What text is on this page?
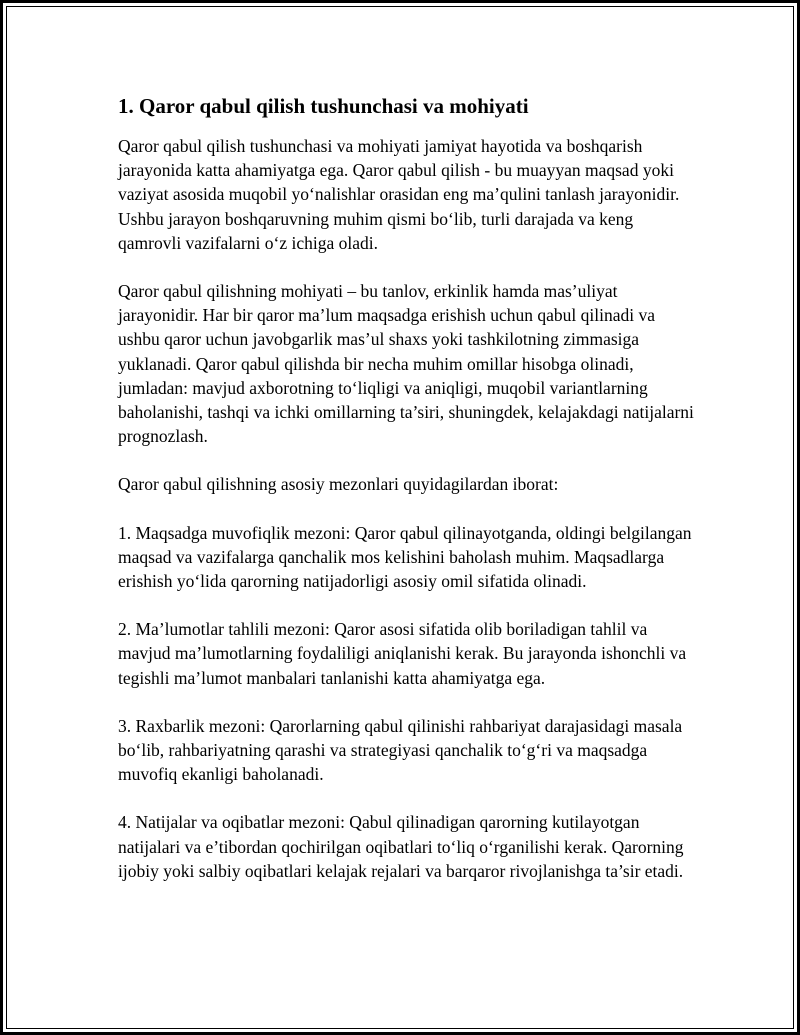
1. Qaror qabul qilish tushunchasi va mohiyati

Qaror qabul qilish tushunchasi va mohiyati jamiyat hayotida va boshqarish jarayonida katta ahamiyatga ega. Qaror qabul qilish - bu muayyan maqsad yoki vaziyat asosida muqobil yo‘nalishlar orasidan eng ma’qulini tanlash jarayonidir. Ushbu jarayon boshqaruvning muhim qismi bo‘lib, turli darajada va keng qamrovli vazifalarni o‘z ichiga oladi.

Qaror qabul qilishning mohiyati – bu tanlov, erkinlik hamda mas’uliyat jarayonidir. Har bir qaror ma’lum maqsadga erishish uchun qabul qilinadi va ushbu qaror uchun javobgarlik mas’ul shaxs yoki tashkilotning zimmasiga yuklanadi. Qaror qabul qilishda bir necha muhim omillar hisobga olinadi, jumladan: mavjud axborotning to‘liqligi va aniqligi, muqobil variantlarning baholanishi, tashqi va ichki omillarning ta’siri, shuningdek, kelajakdagi natijalarni prognozlash.

Qaror qabul qilishning asosiy mezonlari quyidagilardan iborat:

1. Maqsadga muvofiqlik mezoni: Qaror qabul qilinayotganda, oldingi belgilangan maqsad va vazifalarga qanchalik mos kelishini baholash muhim. Maqsadlarga erishish yo‘lida qarorning natijadorligi asosiy omil sifatida olinadi.

2. Ma’lumotlar tahlili mezoni: Qaror asosi sifatida olib boriladigan tahlil va mavjud ma’lumotlarning foydaliligi aniqlanishi kerak. Bu jarayonda ishonchli va tegishli ma’lumot manbalari tanlanishi katta ahamiyatga ega.

3. Raxbarlik mezoni: Qarorlarning qabul qilinishi rahbariyat darajasidagi masala bo‘lib, rahbariyatning qarashi va strategiyasi qanchalik to‘g‘ri va maqsadga muvofiq ekanligi baholanadi.

4. Natijalar va oqibatlar mezoni: Qabul qilinadigan qarorning kutilayotgan natijalari va e’tibordan qochirilgan oqibatlari to‘liq o‘rganilishi kerak. Qarorning ijobiy yoki salbiy oqibatlari kelajak rejalari va barqaror rivojlanishga ta’sir etadi.
